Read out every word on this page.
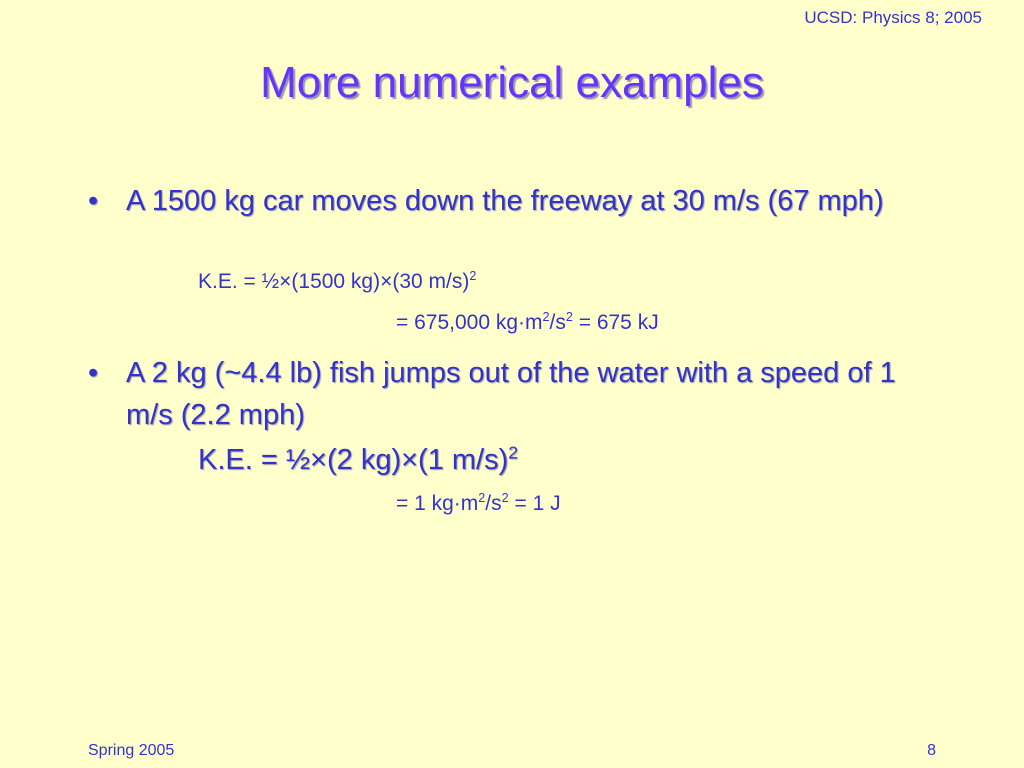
UCSD: Physics 8; 2005
More numerical examples
• A 1500 kg car moves down the freeway at 30 m/s (67 mph)
K.E. = ½×(1500 kg)×(30 m/s)$^2$
= 675,000 $kg\cdot m^2/s^2 = 675$ kJ
• A 2 kg (~4.4 lb) fish jumps out of the water with a speed of 1 m/s (2.2 mph)
K.E. = ½×(2 kg)×(1 m/s)$^2$
= 1 $kg\cdot m^2/s^2 = 1$ J
Spring 2005	8
